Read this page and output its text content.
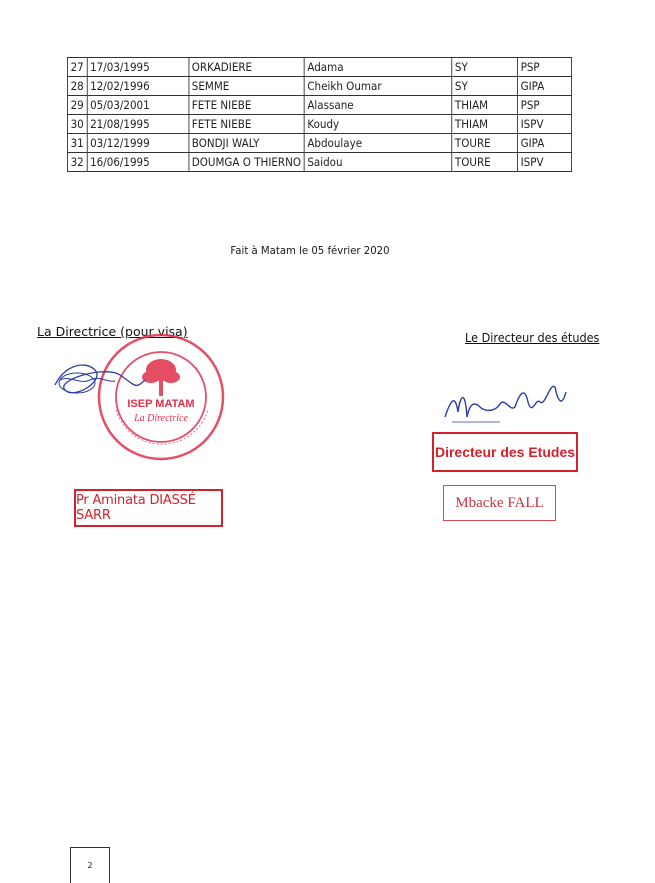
27	17/03/1995	ORKADIERE	Adama	SY	PSP
28	12/02/1996	SEMME	Cheikh Oumar	SY	GIPA
29	05/03/2001	FETE NIEBE	Alassane	THIAM	PSP
30	21/08/1995	FETE NIEBE	Koudy	THIAM	ISPV
31	03/12/1999	BONDJI WALY	Abdoulaye	TOURE	GIPA
32	16/06/1995	DOUMGA O THIERNO	Saidou	TOURE	ISPV
Fait à Matam le 05 février 2020
La Directrice (pour visa)	Le Directeur des études
ISEP MATAM
La Directrice
Directeur des Etudes
Mbacke FALL
Pr Aminata DIASSÉ SARR
2
